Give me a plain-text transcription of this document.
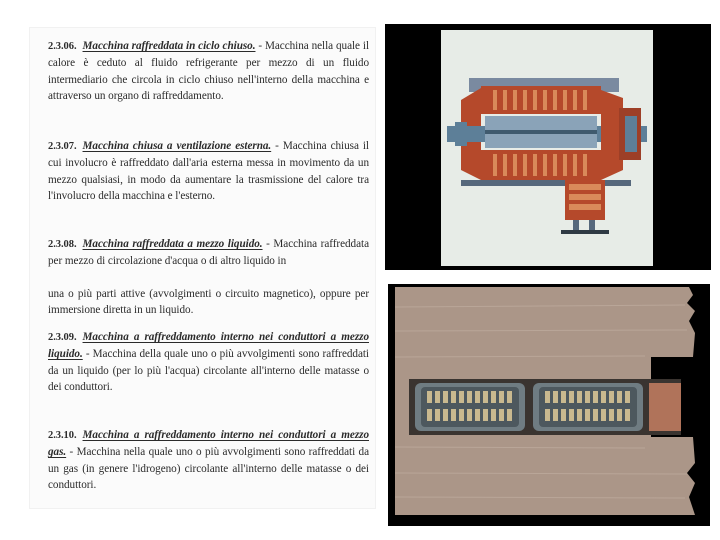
2.3.06. Macchina raffreddata in ciclo chiuso. - Macchina nella quale il calore è ceduto al fluido refrigerante per mezzo di un fluido intermediario che circola in ciclo chiuso nell'interno della macchina e attraverso un organo di raffreddamento.

2.3.07. Macchina chiusa a ventilazione esterna. - Macchina chiusa il cui involucro è raffreddato dall'aria esterna messa in movimento da un mezzo qualsiasi, in modo da aumentare la trasmissione del calore tra l'involucro della macchina e l'esterno.

2.3.08. Macchina raffreddata a mezzo liquido. - Macchina raffreddata per mezzo di circolazione d'acqua o di altro liquido in

una o più parti attive (avvolgimenti o circuito magnetico), oppure per immersione diretta in un liquido.

2.3.09. Macchina a raffreddamento interno nei conduttori a mezzo liquido. - Macchina della quale uno o più avvolgimenti sono raffreddati da un liquido (per lo più l'acqua) circolante all'interno delle matasse o dei conduttori.

2.3.10. Macchina a raffreddamento interno nei conduttori a mezzo gas. - Macchina nella quale uno o più avvolgimenti sono raffreddati da un gas (in genere l'idrogeno) circolante all'interno delle matasse o dei conduttori.
